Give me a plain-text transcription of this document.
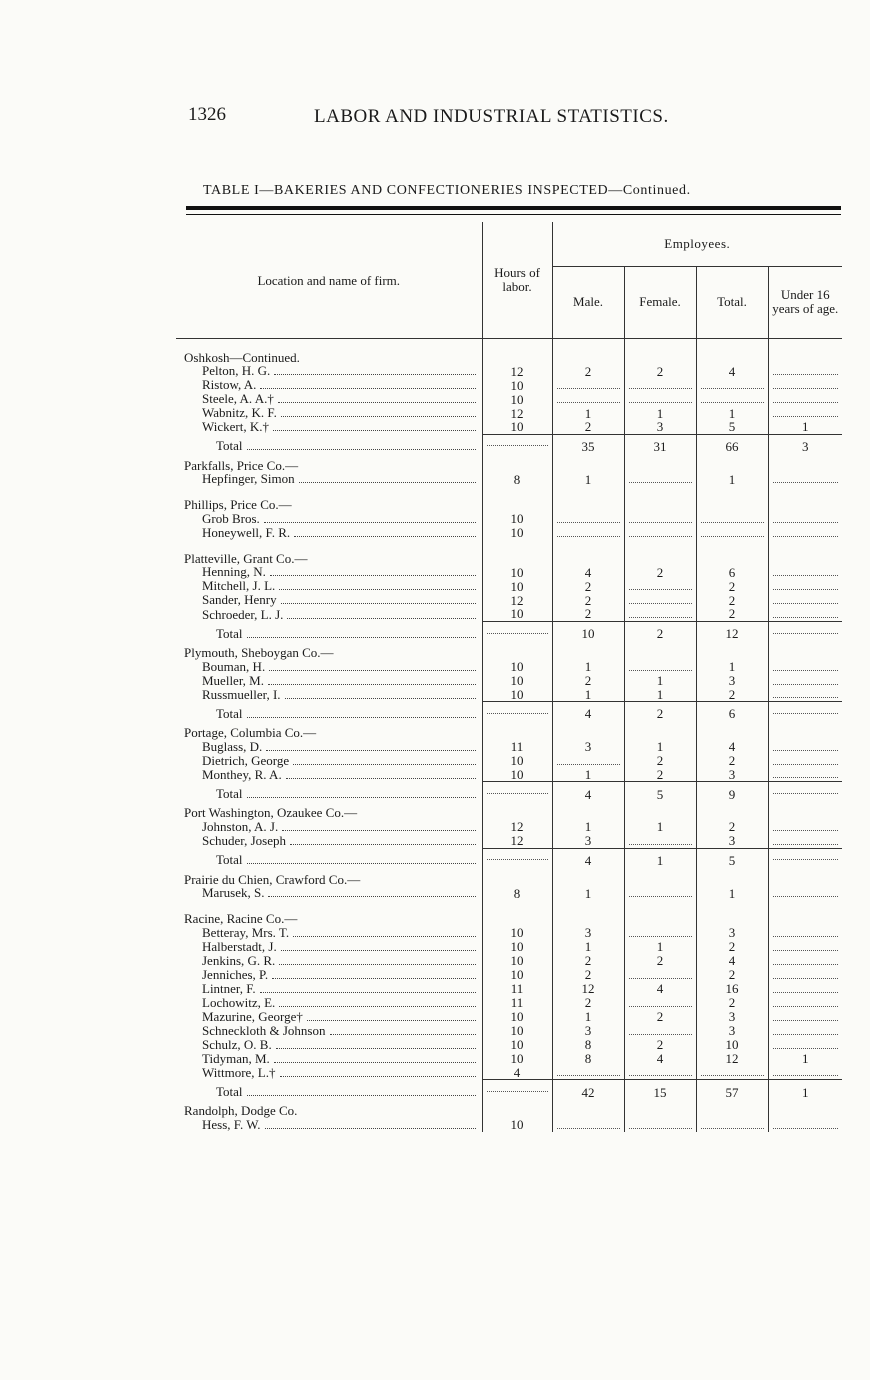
1326	LABOR AND INDUSTRIAL STATISTICS.
TABLE I—BAKERIES AND CONFECTIONERIES INSPECTED—Continued.
Location and name of firm.	Hours of labor.	Employees.			
		Male.	Female.	Total.	Under 16 years of age.

Oshkosh—Continued.					

Pelton, H. G.	12	2	2	4	

Ristow, A.	10	

Steele, A. A.†	10	

Wabnitz, K. F.	12	1	1	1	

Wickert, K.†	10	2	3	5	1

Total		35	31	66	3
Parkfalls, Price Co.—					

Hepfinger, Simon	8	1		1	

Phillips, Price Co.—					

Grob Bros.	10	

Honeywell, F. R.	10	

Platteville, Grant Co.—					

Henning, N.	10	4	2	6	

Mitchell, J. L.	10	2		2	

Sander, Henry	12	2		2	

Schroeder, L. J.	10	2		2	

Total		10	2	12	

Plymouth, Sheboygan Co.—					

Bouman, H.	10	1		1	

Mueller, M.	10	2	1	3	

Russmueller, I.	10	1	1	2	

Total		4	2	6	

Portage, Columbia Co.—					

Buglass, D.	11	3	1	4	

Dietrich, George	10		2	2	

Monthey, R. A.	10	1	2	3	

Total		4	5	9	

Port Washington, Ozaukee Co.—					

Johnston, A. J.	12	1	1	2	

Schuder, Joseph	12	3		3	

Total		4	1	5	

Prairie du Chien, Crawford Co.—					

Marusek, S.	8	1		1	

Racine, Racine Co.—					

Betteray, Mrs. T.	10	3		3	

Halberstadt, J.	10	1	1	2	

Jenkins, G. R.	10	2	2	4	

Jenniches, P.	10	2		2	

Lintner, F.	11	12	4	16	

Lochowitz, E.	11	2		2	

Mazurine, George†	10	1	2	3	

Schneckloth & Johnson	10	3		3	

Schulz, O. B.	10	8	2	10	

Tidyman, M.	10	8	4	12	1

Wittmore, L.†	4	

Total		42	15	57	1
Randolph, Dodge Co.					

Hess, F. W.	10	
